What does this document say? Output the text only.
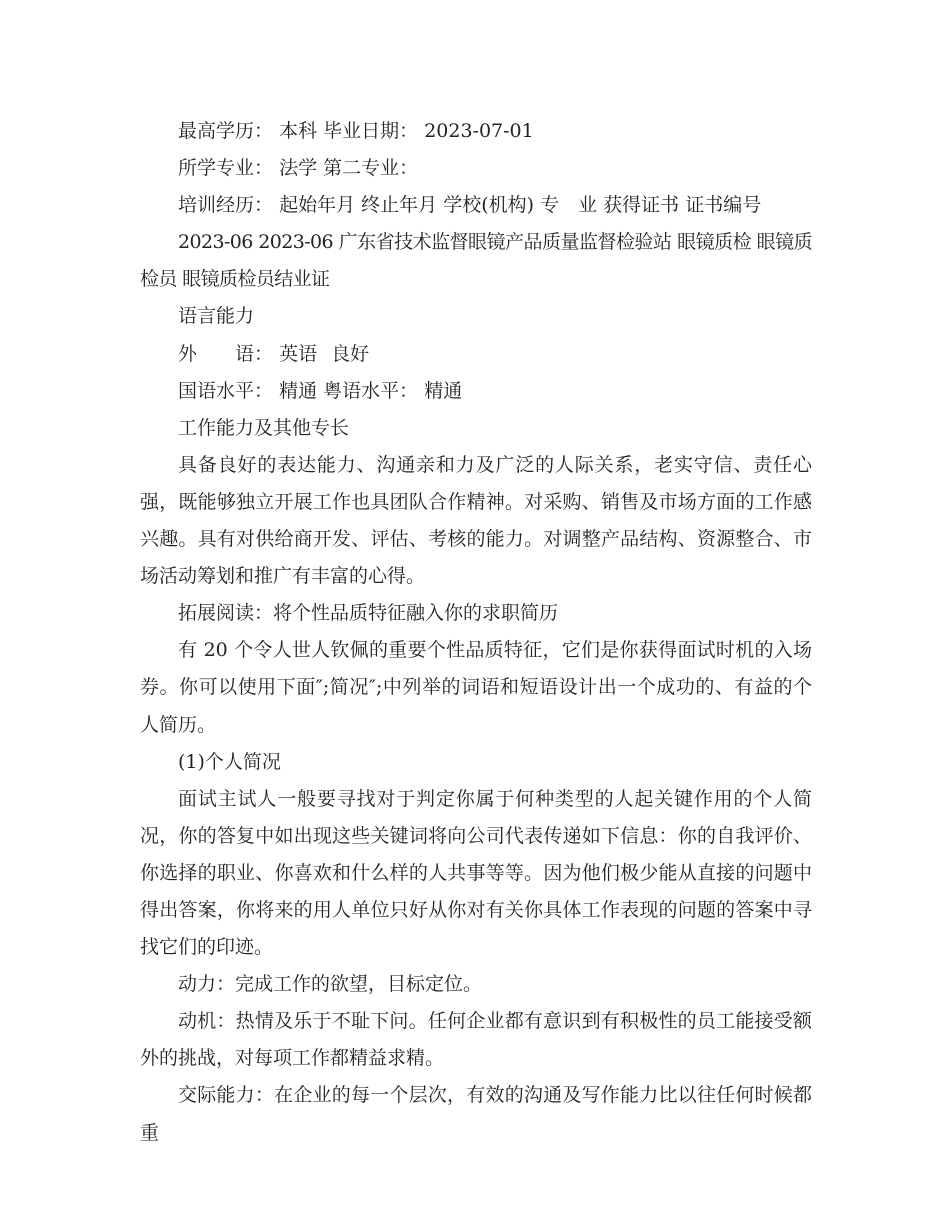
最高学历： 本科 毕业日期： 2023-07-01

所学专业： 法学 第二专业：

培训经历： 起始年月 终止年月 学校(机构) 专　业 获得证书 证书编号

2023-06 2023-06 广东省技术监督眼镜产品质量监督检验站 眼镜质检 眼镜质检员 眼镜质检员结业证

语言能力

外 语： 英语 良好

国语水平： 精通 粤语水平： 精通

工作能力及其他专长

具备良好的表达能力、沟通亲和力及广泛的人际关系，老实守信、责任心强，既能够独立开展工作也具团队合作精神。对采购、销售及市场方面的工作感兴趣。具有对供给商开发、评估、考核的能力。对调整产品结构、资源整合、市场活动筹划和推广有丰富的心得。

拓展阅读：将个性品质特征融入你的求职简历

有 20 个令人世人钦佩的重要个性品质特征，它们是你获得面试时机的入场券。你可以使用下面″;简况″;中列举的词语和短语设计出一个成功的、有益的个人简历。

(1)个人简况

面试主试人一般要寻找对于判定你属于何种类型的人起关键作用的个人简况，你的答复中如出现这些关键词将向公司代表传递如下信息：你的自我评价、你选择的职业、你喜欢和什么样的人共事等等。因为他们极少能从直接的问题中得出答案，你将来的用人单位只好从你对有关你具体工作表现的问题的答案中寻找它们的印迹。

动力：完成工作的欲望，目标定位。

动机：热情及乐于不耻下问。任何企业都有意识到有积极性的员工能接受额外的挑战，对每项工作都精益求精。

交际能力：在企业的每一个层次，有效的沟通及写作能力比以往任何时候都重
